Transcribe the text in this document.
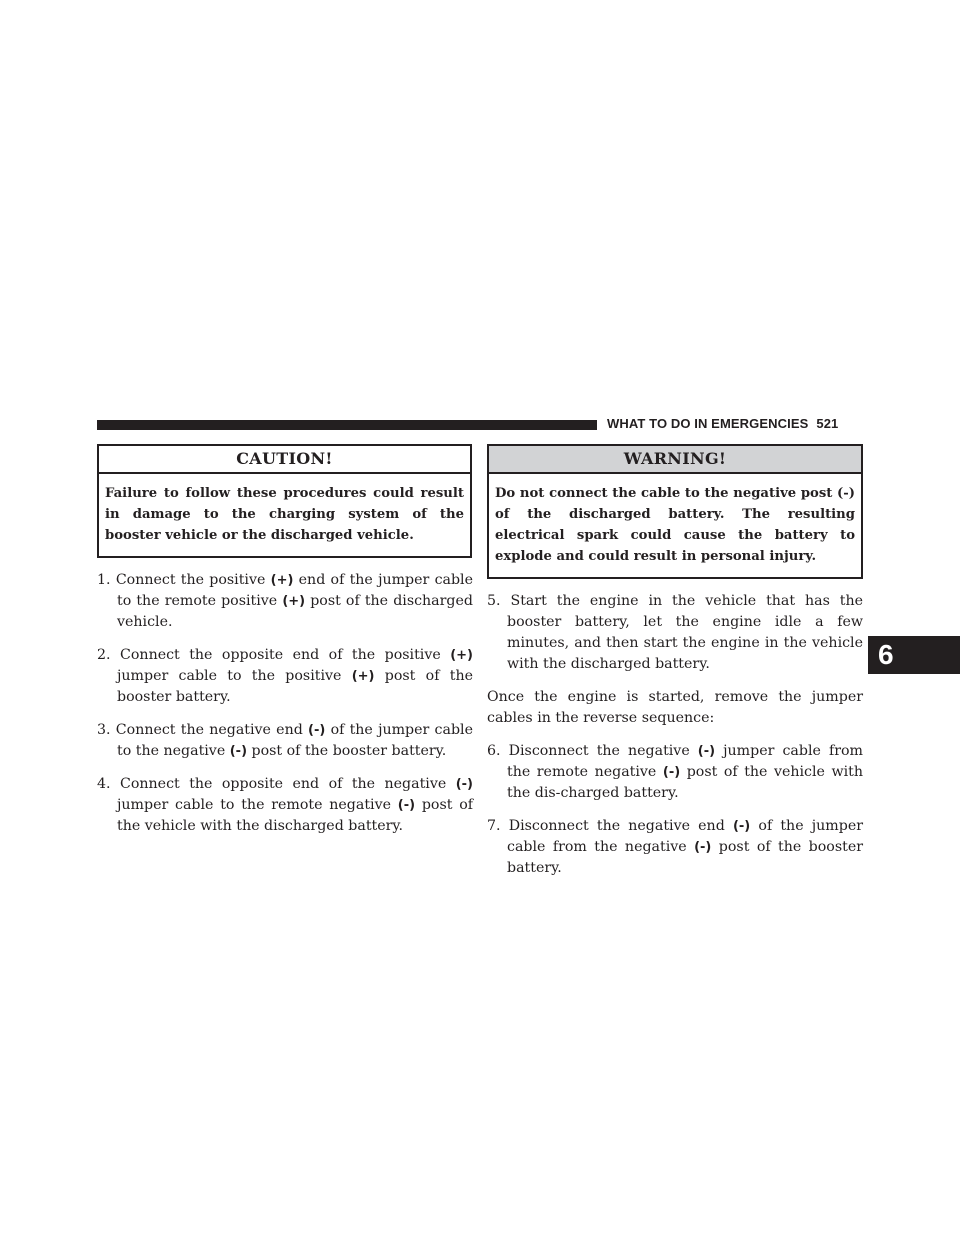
WHAT TO DO IN EMERGENCIES 521
CAUTION!
Failure to follow these procedures could result in damage to the charging system of the booster vehicle or the discharged vehicle.
1. Connect the positive (+) end of the jumper cable to the remote positive (+) post of the discharged vehicle.
2. Connect the opposite end of the positive (+) jumper cable to the positive (+) post of the booster battery.
3. Connect the negative end (-) of the jumper cable to the negative (-) post of the booster battery.
4. Connect the opposite end of the negative (-) jumper cable to the remote negative (-) post of the vehicle with the discharged battery.
WARNING!
Do not connect the cable to the negative post (-) of the discharged battery. The resulting electrical spark could cause the battery to explode and could result in personal injury.
5. Start the engine in the vehicle that has the booster battery, let the engine idle a few minutes, and then start the engine in the vehicle with the discharged battery.

Once the engine is started, remove the jumper cables in the reverse sequence:

6. Disconnect the negative (-) jumper cable from the remote negative (-) post of the vehicle with the dis-charged battery.
7. Disconnect the negative end (-) of the jumper cable from the negative (-) post of the booster battery.
6
